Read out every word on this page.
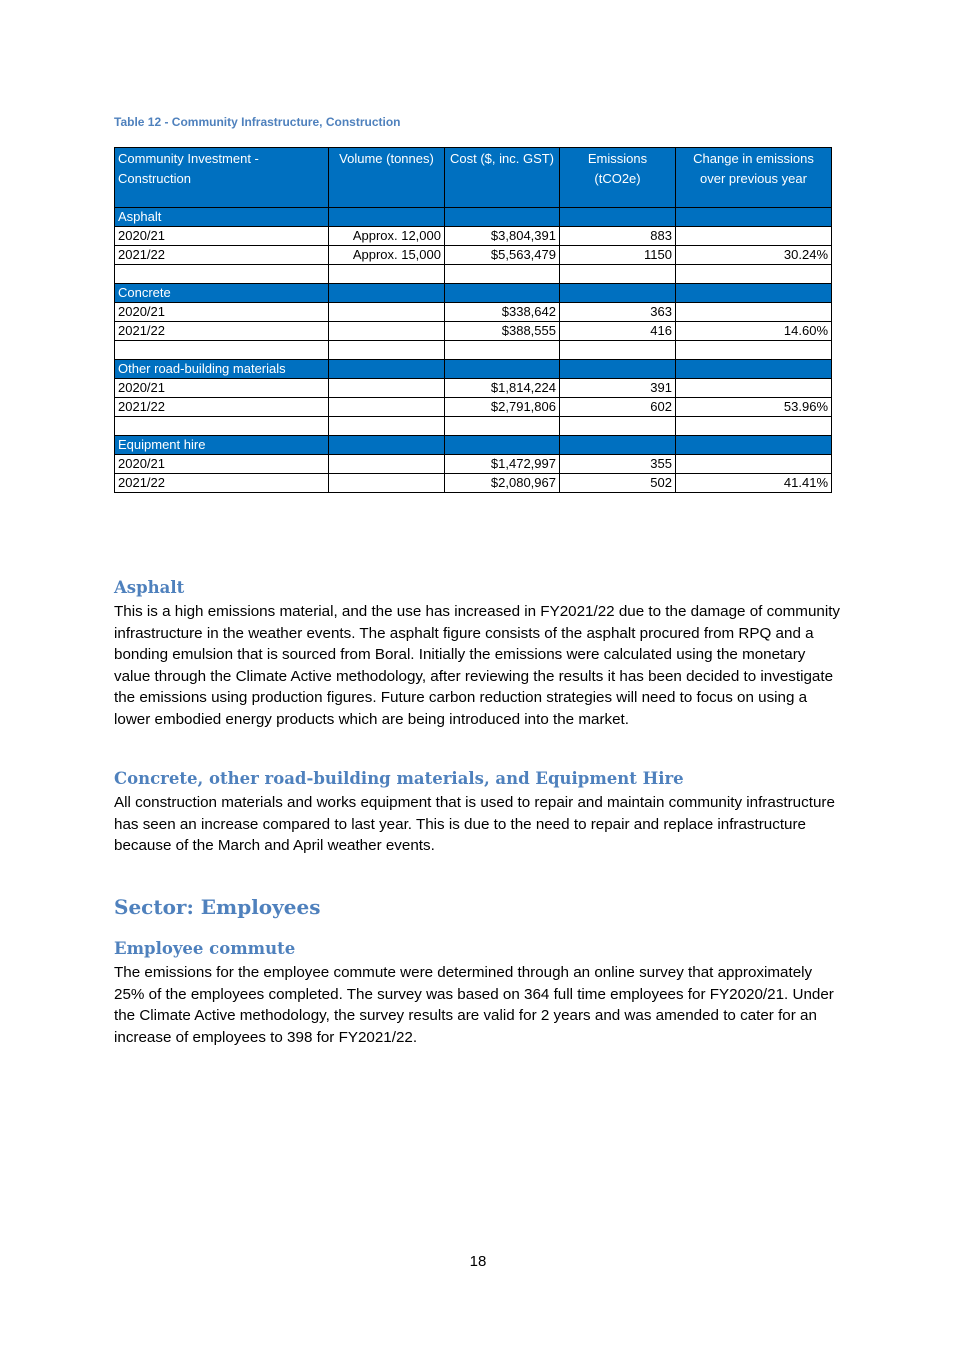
Table 12 - Community Infrastructure, Construction
Community Investment - Construction	Volume (tonnes)	Cost ($, inc. GST)	Emissions (tCO2e)	Change in emissions over previous year
Asphalt				
2020/21	Approx. 12,000	$3,804,391	883	
2021/22	Approx. 15,000	$5,563,479	1150	30.24%

Concrete				
2020/21		$338,642	363	
2021/22		$388,555	416	14.60%

Other road-building materials				
2020/21		$1,814,224	391	
2021/22		$2,791,806	602	53.96%

Equipment hire				
2020/21		$1,472,997	355	
2021/22		$2,080,967	502	41.41%
Asphalt

This is a high emissions material, and the use has increased in FY2021/22 due to the damage of community infrastructure in the weather events. The asphalt figure consists of the asphalt procured from RPQ and a bonding emulsion that is sourced from Boral. Initially the emissions were calculated using the monetary value through the Climate Active methodology, after reviewing the results it has been decided to investigate the emissions using production figures. Future carbon reduction strategies will need to focus on using a lower embodied energy products which are being introduced into the market.

Concrete, other road-building materials, and Equipment Hire

All construction materials and works equipment that is used to repair and maintain community infrastructure has seen an increase compared to last year. This is due to the need to repair and replace infrastructure because of the March and April weather events.

Sector: Employees
Employee commute

The emissions for the employee commute were determined through an online survey that approximately 25% of the employees completed. The survey was based on 364 full time employees for FY2020/21. Under the Climate Active methodology, the survey results are valid for 2 years and was amended to cater for an increase of employees to 398 for FY2021/22.

18
